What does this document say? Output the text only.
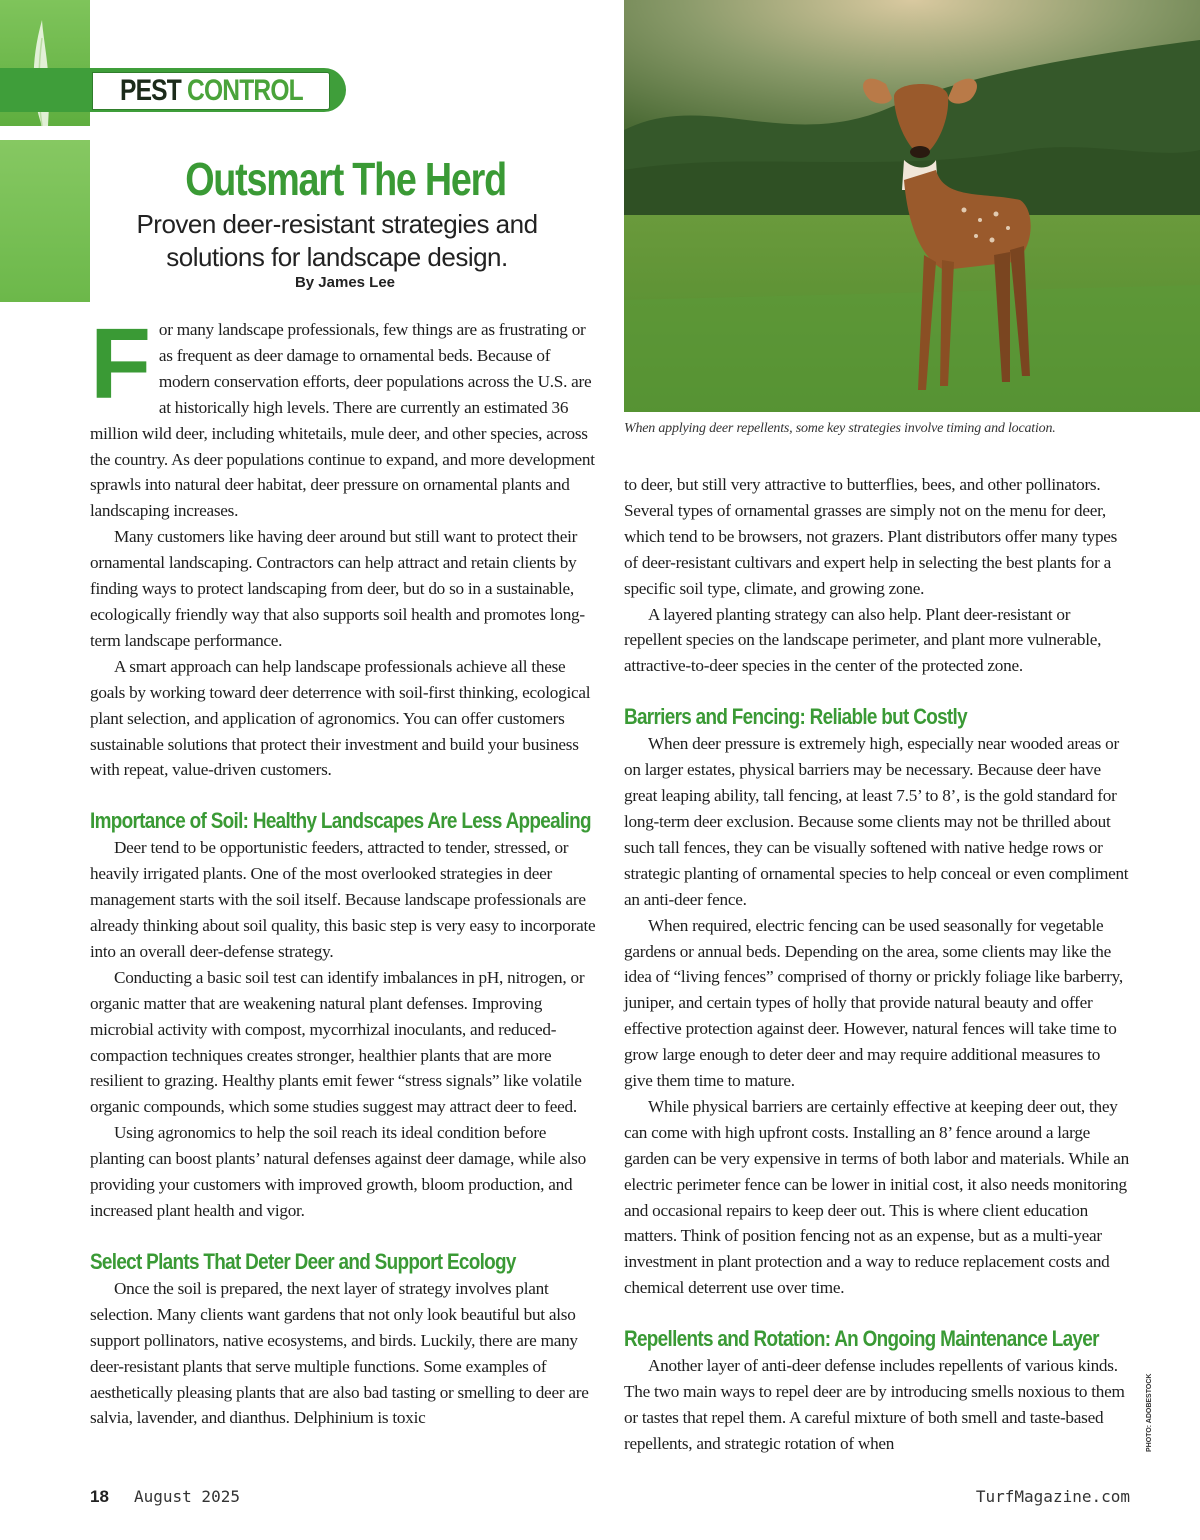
PEST CONTROL
Outsmart The Herd
Proven deer-resistant strategies and solutions for landscape design.
By James Lee
When applying deer repellents, some key strategies involve timing and location.
F or many landscape professionals, few things are as frustrating or as frequent as deer damage to ornamental beds. Because of modern conservation efforts, deer populations across the U.S. are at historically high levels. There are currently an estimated 36 million wild deer, including whitetails, mule deer, and other species, across the country. As deer populations continue to expand, and more development sprawls into natural deer habitat, deer pressure on ornamental plants and landscaping increases.

Many customers like having deer around but still want to protect their ornamental landscaping. Contractors can help attract and retain clients by finding ways to protect landscaping from deer, but do so in a sustainable, ecologically friendly way that also supports soil health and promotes long-term landscape performance.

A smart approach can help landscape professionals achieve all these goals by working toward deer deterrence with soil-first thinking, ecological plant selection, and application of agronomics. You can offer customers sustainable solutions that protect their investment and build your business with repeat, value-driven customers.

Importance of Soil: Healthy Landscapes Are Less Appealing

Deer tend to be opportunistic feeders, attracted to tender, stressed, or heavily irrigated plants. One of the most overlooked strategies in deer management starts with the soil itself. Because landscape professionals are already thinking about soil quality, this basic step is very easy to incorporate into an overall deer-defense strategy.

Conducting a basic soil test can identify imbalances in pH, nitrogen, or organic matter that are weakening natural plant defenses. Improving microbial activity with compost, mycorrhizal inoculants, and reduced-compaction techniques creates stronger, healthier plants that are more resilient to grazing. Healthy plants emit fewer “stress signals” like volatile organic compounds, which some studies suggest may attract deer to feed.

Using agronomics to help the soil reach its ideal condition before planting can boost plants’ natural defenses against deer damage, while also providing your customers with improved growth, bloom production, and increased plant health and vigor.

Select Plants That Deter Deer and Support Ecology

Once the soil is prepared, the next layer of strategy involves plant selection. Many clients want gardens that not only look beautiful but also support pollinators, native ecosystems, and birds. Luckily, there are many deer-resistant plants that serve multiple functions. Some examples of aesthetically pleasing plants that are also bad tasting or smelling to deer are salvia, lavender, and dianthus. Delphinium is toxic

to deer, but still very attractive to butterflies, bees, and other pollinators. Several types of ornamental grasses are simply not on the menu for deer, which tend to be browsers, not grazers. Plant distributors offer many types of deer-resistant cultivars and expert help in selecting the best plants for a specific soil type, climate, and growing zone.

A layered planting strategy can also help. Plant deer-resistant or repellent species on the landscape perimeter, and plant more vulnerable, attractive-to-deer species in the center of the protected zone.

Barriers and Fencing: Reliable but Costly

When deer pressure is extremely high, especially near wooded areas or on larger estates, physical barriers may be necessary. Because deer have great leaping ability, tall fencing, at least 7.5’ to 8’, is the gold standard for long-term deer exclusion. Because some clients may not be thrilled about such tall fences, they can be visually softened with native hedge rows or strategic planting of ornamental species to help conceal or even compliment an anti-deer fence.

When required, electric fencing can be used seasonally for vegetable gardens or annual beds. Depending on the area, some clients may like the idea of “living fences” comprised of thorny or prickly foliage like barberry, juniper, and certain types of holly that provide natural beauty and offer effective protection against deer. However, natural fences will take time to grow large enough to deter deer and may require additional measures to give them time to mature.

While physical barriers are certainly effective at keeping deer out, they can come with high upfront costs. Installing an 8’ fence around a large garden can be very expensive in terms of both labor and materials. While an electric perimeter fence can be lower in initial cost, it also needs monitoring and occasional repairs to keep deer out. This is where client education matters. Think of position fencing not as an expense, but as a multi-year investment in plant protection and a way to reduce replacement costs and chemical deterrent use over time.

Repellents and Rotation: An Ongoing Maintenance Layer

Another layer of anti-deer defense includes repellents of various kinds. The two main ways to repel deer are by introducing smells noxious to them or tastes that repel them. A careful mixture of both smell and taste-based repellents, and strategic rotation of when	PHOTO: ADOBESTOCK
18 August 2025	TurfMagazine.com
